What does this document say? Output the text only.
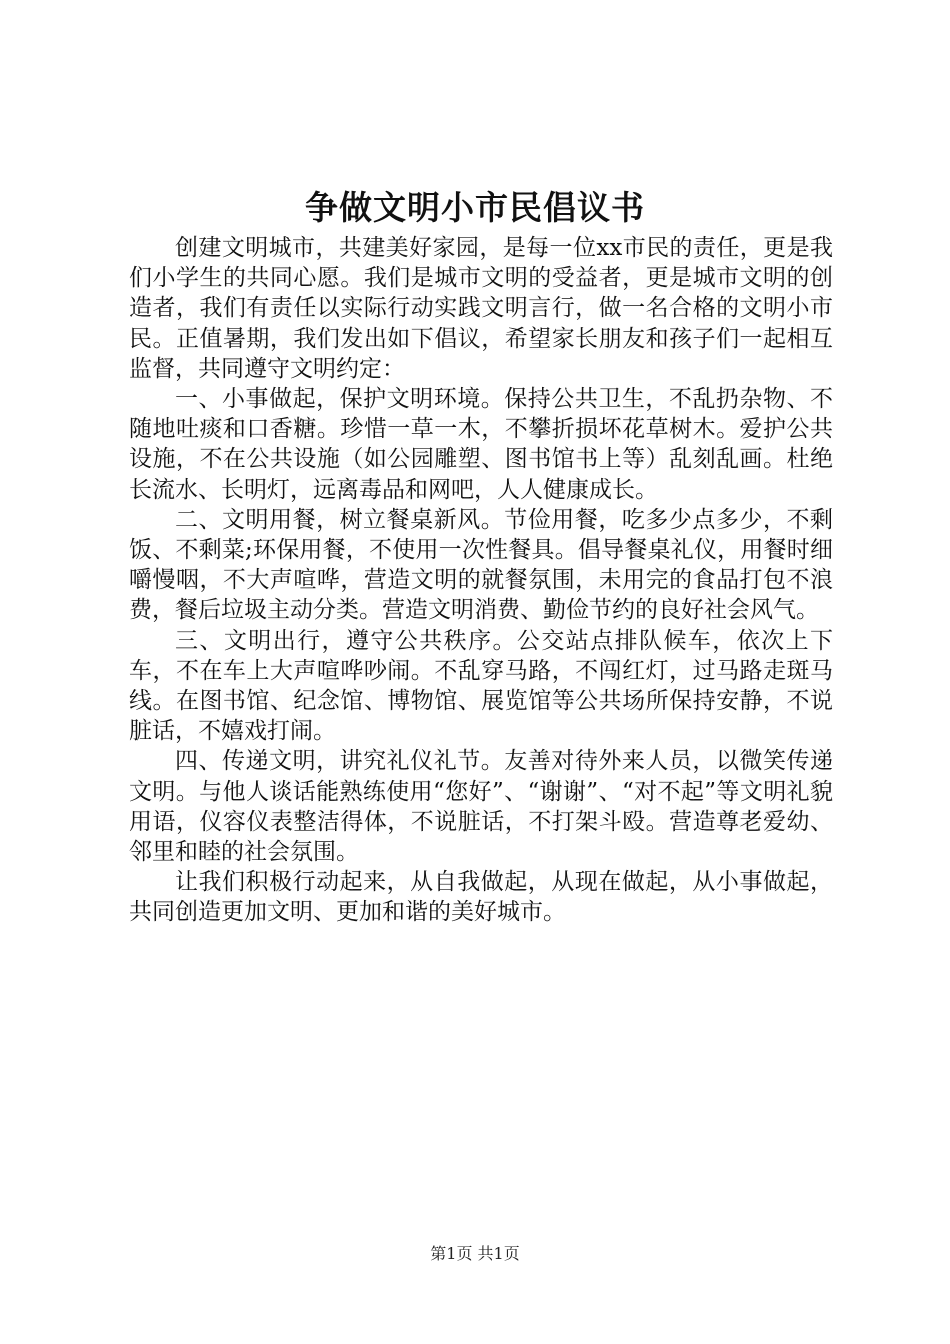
争做文明小市民倡议书

创建文明城市，共建美好家园，是每一位xx市民的责任，更是我们小学生的共同心愿。我们是城市文明的受益者，更是城市文明的创造者，我们有责任以实际行动实践文明言行，做一名合格的文明小市民。正值暑期，我们发出如下倡议，希望家长朋友和孩子们一起相互监督，共同遵守文明约定：

一、小事做起，保护文明环境。保持公共卫生，不乱扔杂物、不随地吐痰和口香糖。珍惜一草一木，不攀折损坏花草树木。爱护公共设施，不在公共设施（如公园雕塑、图书馆书上等）乱刻乱画。杜绝长流水、长明灯，远离毒品和网吧，人人健康成长。

二、文明用餐，树立餐桌新风。节俭用餐，吃多少点多少，不剩饭、不剩菜;环保用餐，不使用一次性餐具。倡导餐桌礼仪，用餐时细嚼慢咽，不大声喧哗，营造文明的就餐氛围，未用完的食品打包不浪费，餐后垃圾主动分类。营造文明消费、勤俭节约的良好社会风气。

三、文明出行，遵守公共秩序。公交站点排队候车，依次上下车，不在车上大声喧哗吵闹。不乱穿马路，不闯红灯，过马路走斑马线。在图书馆、纪念馆、博物馆、展览馆等公共场所保持安静，不说脏话，不嬉戏打闹。

四、传递文明，讲究礼仪礼节。友善对待外来人员，以微笑传递文明。与他人谈话能熟练使用“您好”、“谢谢”、“对不起”等文明礼貌用语，仪容仪表整洁得体，不说脏话，不打架斗殴。营造尊老爱幼、邻里和睦的社会氛围。

让我们积极行动起来，从自我做起，从现在做起，从小事做起，共同创造更加文明、更加和谐的美好城市。

第1页 共1页
